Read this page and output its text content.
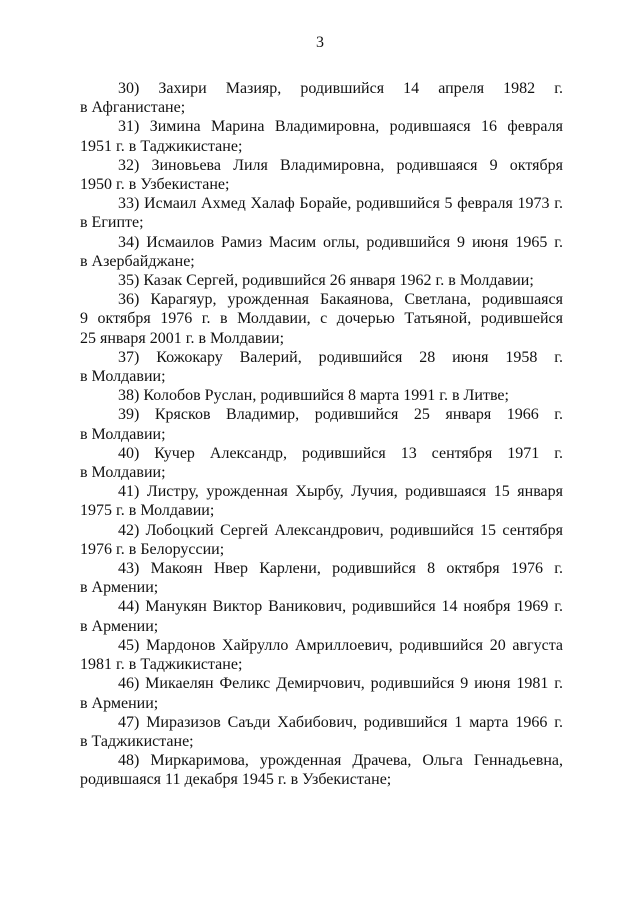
3
30) Захири Мазияр, родившийся 14 апреля 1982 г.
в Афганистане;
31) Зимина Марина Владимировна, родившаяся 16 февраля
1951 г. в Таджикистане;
32) Зиновьева Лиля Владимировна, родившаяся 9 октября
1950 г. в Узбекистане;
33) Исмаил Ахмед Халаф Борайе, родившийся 5 февраля 1973 г.
в Египте;
34) Исмаилов Рамиз Масим оглы, родившийся 9 июня 1965 г.
в Азербайджане;
35) Казак Сергей, родившийся 26 января 1962 г. в Молдавии;
36) Карагяур, урожденная Бакаянова, Светлана, родившаяся
9 октября 1976 г. в Молдавии, с дочерью Татьяной, родившейся
25 января 2001 г. в Молдавии;
37) Кожокару Валерий, родившийся 28 июня 1958 г.
в Молдавии;
38) Колобов Руслан, родившийся 8 марта 1991 г. в Литве;
39) Крясков Владимир, родившийся 25 января 1966 г.
в Молдавии;
40) Кучер Александр, родившийся 13 сентября 1971 г.
в Молдавии;
41) Листру, урожденная Хырбу, Лучия, родившаяся 15 января
1975 г. в Молдавии;
42) Лобоцкий Сергей Александрович, родившийся 15 сентября
1976 г. в Белоруссии;
43) Макоян Нвер Карлени, родившийся 8 октября 1976 г.
в Армении;
44) Манукян Виктор Ваникович, родившийся 14 ноября 1969 г.
в Армении;
45) Мардонов Хайрулло Амриллоевич, родившийся 20 августа
1981 г. в Таджикистане;
46) Микаелян Феликс Демирчович, родившийся 9 июня 1981 г.
в Армении;
47) Миразизов Саъди Хабибович, родившийся 1 марта 1966 г.
в Таджикистане;
48) Миркаримова, урожденная Драчева, Ольга Геннадьевна,
родившаяся 11 декабря 1945 г. в Узбекистане;
